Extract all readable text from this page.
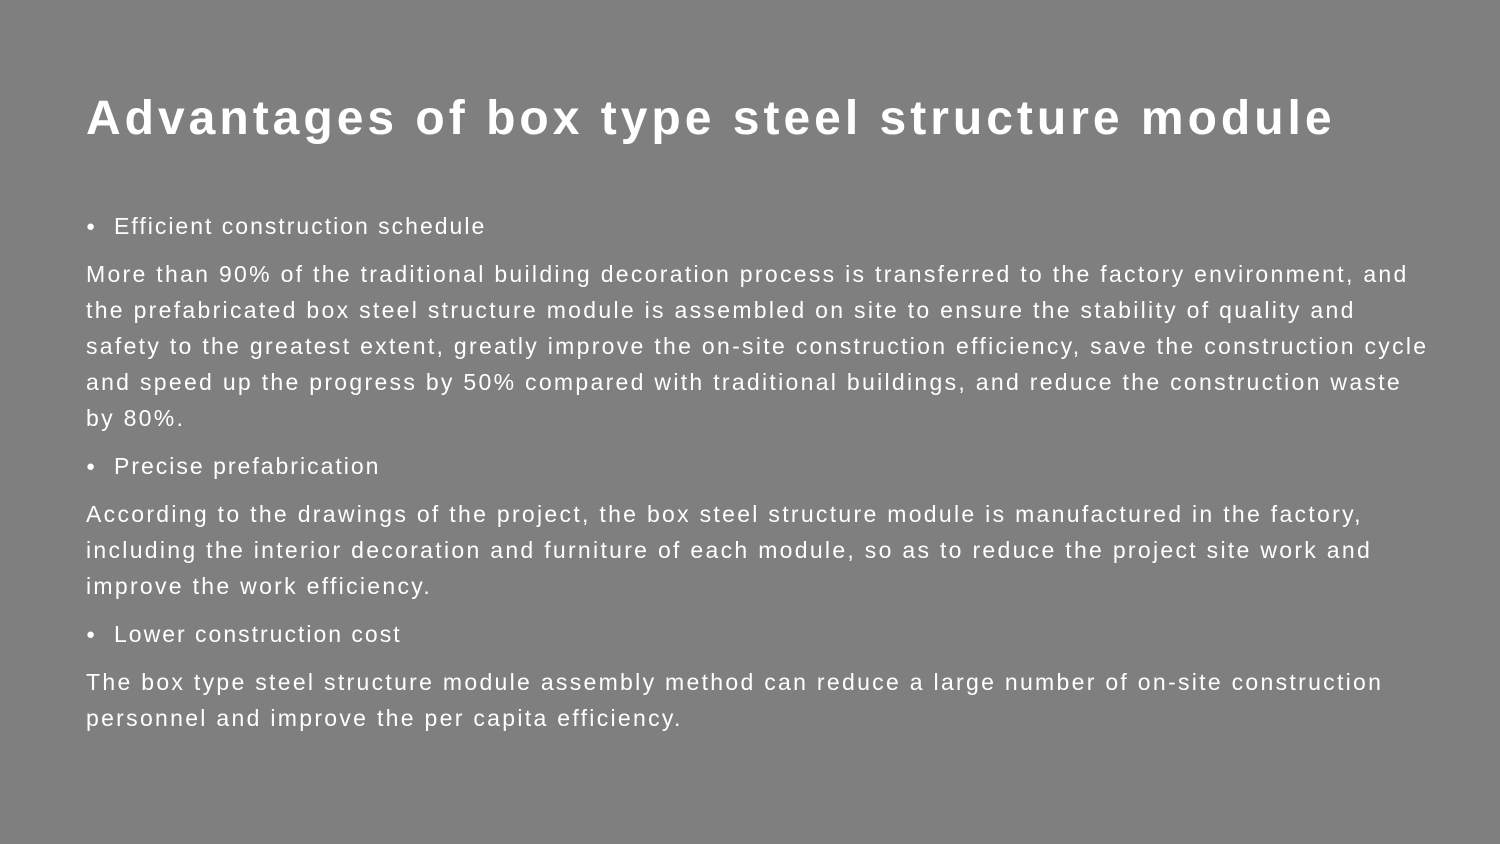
Advantages of box type steel structure module
● Efficient construction schedule

More than 90% of the traditional building decoration process is transferred to the factory environment, and the prefabricated box steel structure module is assembled on site to ensure the stability of quality and safety to the greatest extent, greatly improve the on-site construction efficiency, save the construction cycle and speed up the progress by 50% compared with traditional buildings, and reduce the construction waste by 80%.

● Precise prefabrication

According to the drawings of the project, the box steel structure module is manufactured in the factory, including the interior decoration and furniture of each module, so as to reduce the project site work and improve the work efficiency.

● Lower construction cost

The box type steel structure module assembly method can reduce a large number of on-site construction personnel and improve the per capita efficiency.
